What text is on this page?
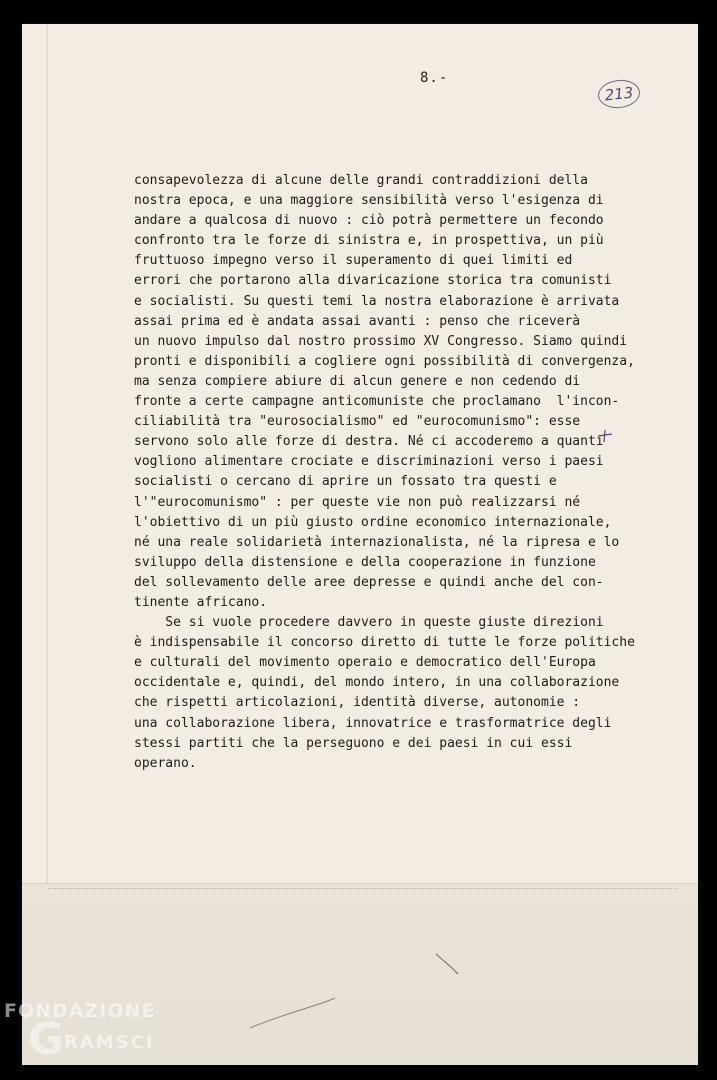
8.-
213
consapevolezza di alcune delle grandi contraddizioni della
nostra epoca, e una maggiore sensibilità verso l'esigenza di
andare a qualcosa di nuovo : ciò potrà permettere un fecondo
confronto tra le forze di sinistra e, in prospettiva, un più
fruttuoso impegno verso il superamento di quei limiti ed
errori che portarono alla divaricazione storica tra comunisti
e socialisti. Su questi temi la nostra elaborazione è arrivata
assai prima ed è andata assai avanti : penso che riceverà
un nuovo impulso dal nostro prossimo XV Congresso. Siamo quindi
pronti e disponibili a cogliere ogni possibilità di convergenza,
ma senza compiere abiure di alcun genere e non cedendo di
fronte a certe campagne anticomuniste che proclamano  l'incon-
ciliabilità tra "eurosocialismo" ed "eurocomunismo": esse
servono solo alle forze di destra. Né ci accoderemo a quanti
vogliono alimentare crociate e discriminazioni verso i paesi
socialisti o cercano di aprire un fossato tra questi e
l'"eurocomunismo" : per queste vie non può realizzarsi né
l'obiettivo di un più giusto ordine economico internazionale,
né una reale solidarietà internazionalista, né la ripresa e lo
sviluppo della distensione e della cooperazione in funzione
del sollevamento delle aree depresse e quindi anche del con-
tinente africano.
Se si vuole procedere davvero in queste giuste direzioni
è indispensabile il concorso diretto di tutte le forze politiche
e culturali del movimento operaio e democratico dell'Europa
occidentale e, quindi, del mondo intero, in una collaborazione
che rispetti articolazioni, identità diverse, autonomie :
una collaborazione libera, innovatrice e trasformatrice degli
stessi partiti che la perseguono e dei paesi in cui essi
operano.
FONDAZIONE
G RAMSCI
